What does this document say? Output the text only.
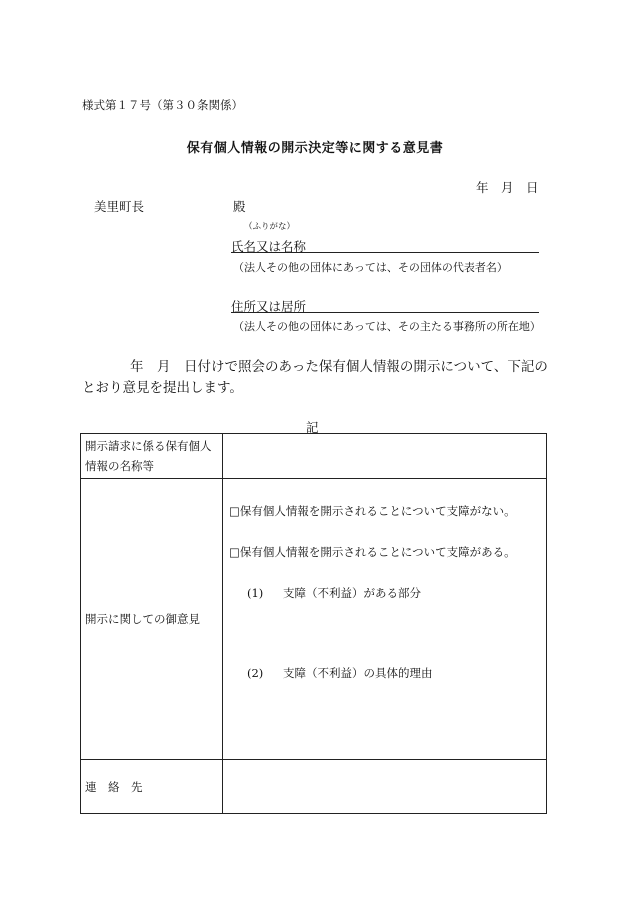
様式第１７号（第３０条関係）
保有個人情報の開示決定等に関する意見書
年　月　日
美里町長	殿
（ふりがな）
氏名又は名称
（法人その他の団体にあっては、その団体の代表者名）
住所又は居所
（法人その他の団体にあっては、その主たる事務所の所在地）
年　月　日付けで照会のあった保有個人情報の開示について、下記のとおり意見を提出します。
記
開示請求に係る保有個人情報の名称等	
開示に関しての御意見	□保有個人情報を開示されることについて支障がない。
□保有個人情報を開示されることについて支障がある。
(1) 支障（不利益）がある部分
(2) 支障（不利益）の具体的理由

連　絡　先	
